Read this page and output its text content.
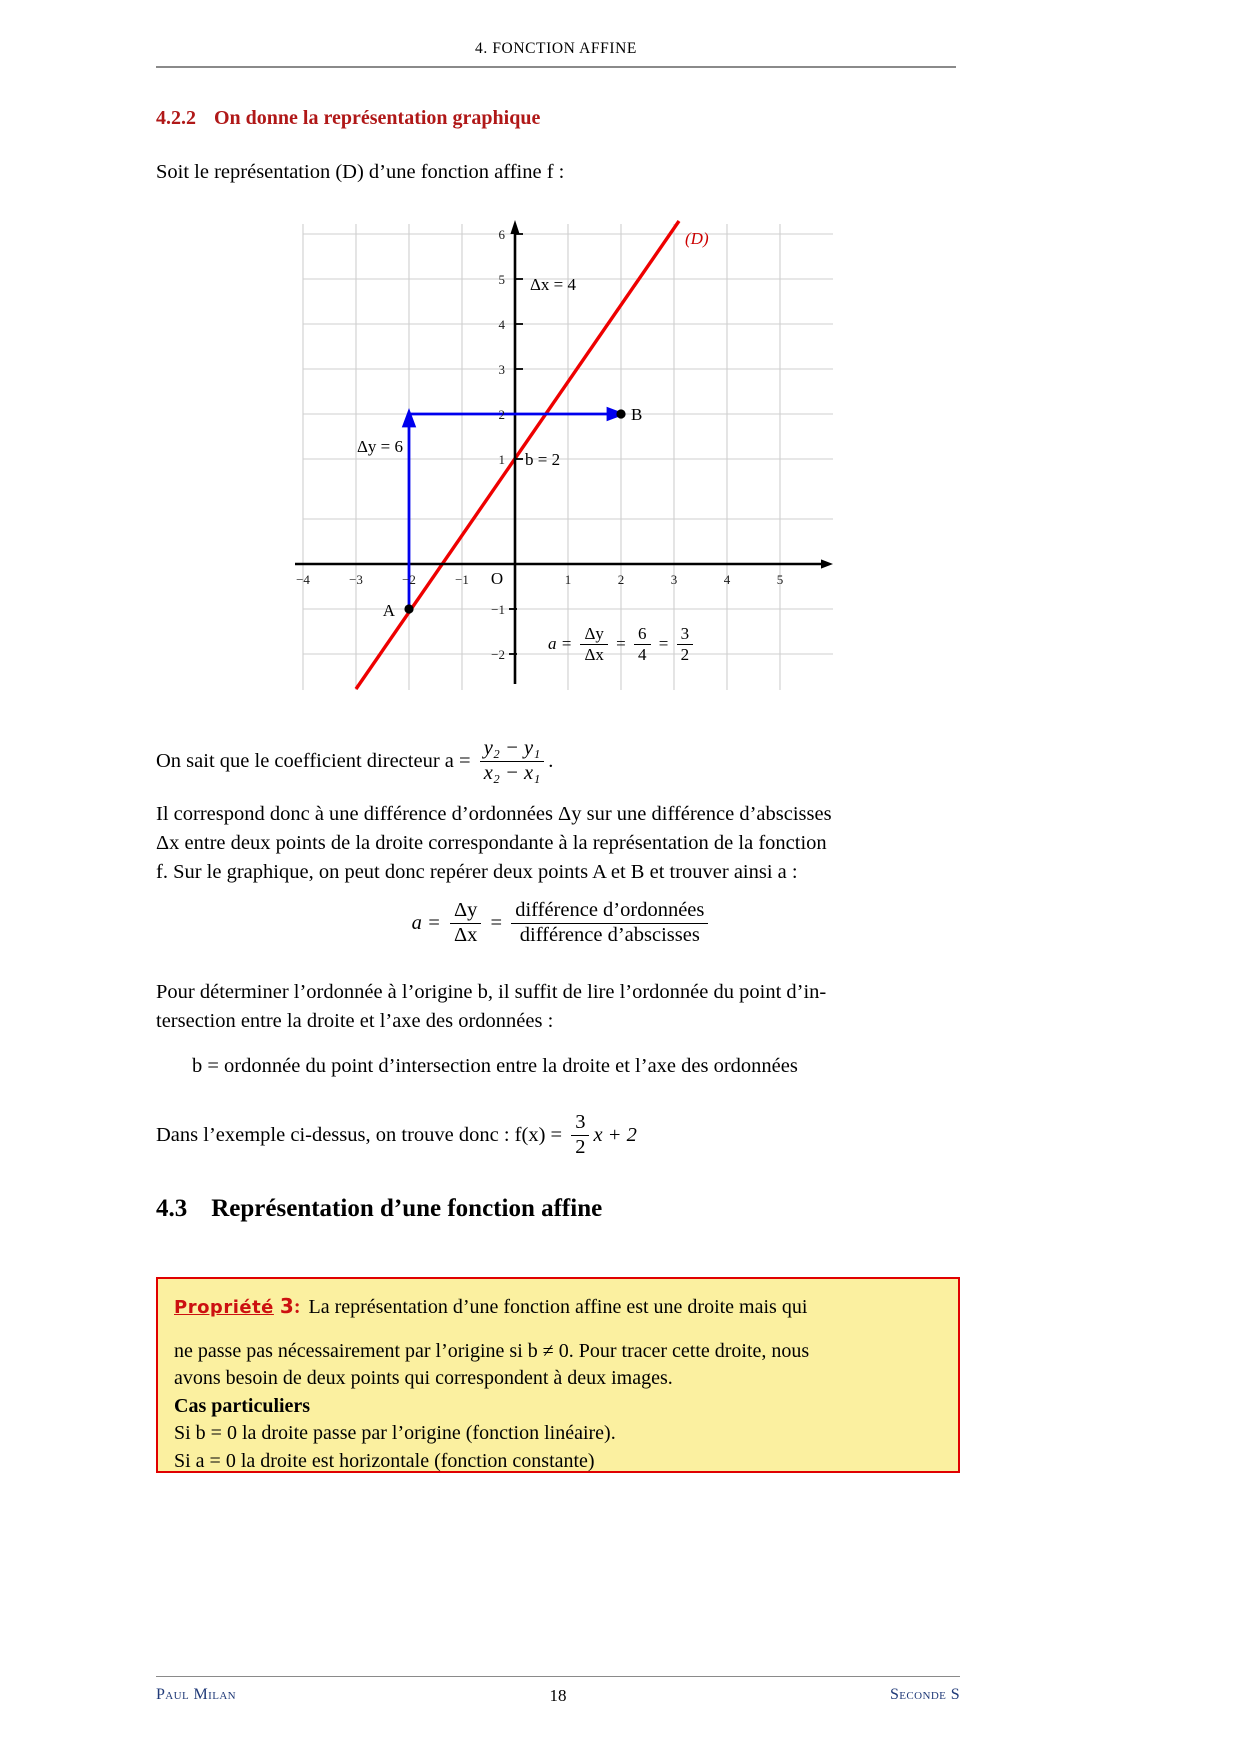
4. FONCTION AFFINE
4.2.2 On donne la représentation graphique
Soit le représentation (D) d’une fonction affine f :
−4	−3	−2	−1	1	2	3	4	5
6
5
4
3
2
1
−1
−2
O
A
B
(D)
Δx = 4
Δy = 6
b = 2
$a = \frac{\Delta y}{\Delta x} = \frac{6}{4} = \frac{3}{2}$
On sait que le coefficient directeur $a = \frac{\text{y₂ − y₁}}{\text{x₂ − x₁}}$ .
Il correspond donc à une différence d’ordonnées Δy sur une différence d’abscisses
Δx entre deux points de la droite correspondante à la représentation de la fonction
f. Sur le graphique, on peut donc repérer deux points A et B et trouver ainsi a :
$a = \frac{\Delta y}{\Delta x} = \frac{\text{différence d’ordonnées}}{\text{différence d’abscisses}}$
Pour déterminer l’ordonnée à l’origine b, il suffit de lire l’ordonnée du point d’in-
tersection entre la droite et l’axe des ordonnées :
b = ordonnée du point d’intersection entre la droite et l’axe des ordonnées
Dans l’exemple ci-dessus, on trouve donc : $f(x) = \frac{3}{2}$ x + 2
4.3 Représentation d’une fonction affine
Propriété 3: La représentation d’une fonction affine est une droite mais qui
ne passe pas nécessairement par l’origine si b ≠ 0. Pour tracer cette droite, nous
avons besoin de deux points qui correspondent à deux images.
Cas particuliers
Si b = 0 la droite passe par l’origine (fonction linéaire).
Si a = 0 la droite est horizontale (fonction constante)
Paul Milan	18	Seconde S
